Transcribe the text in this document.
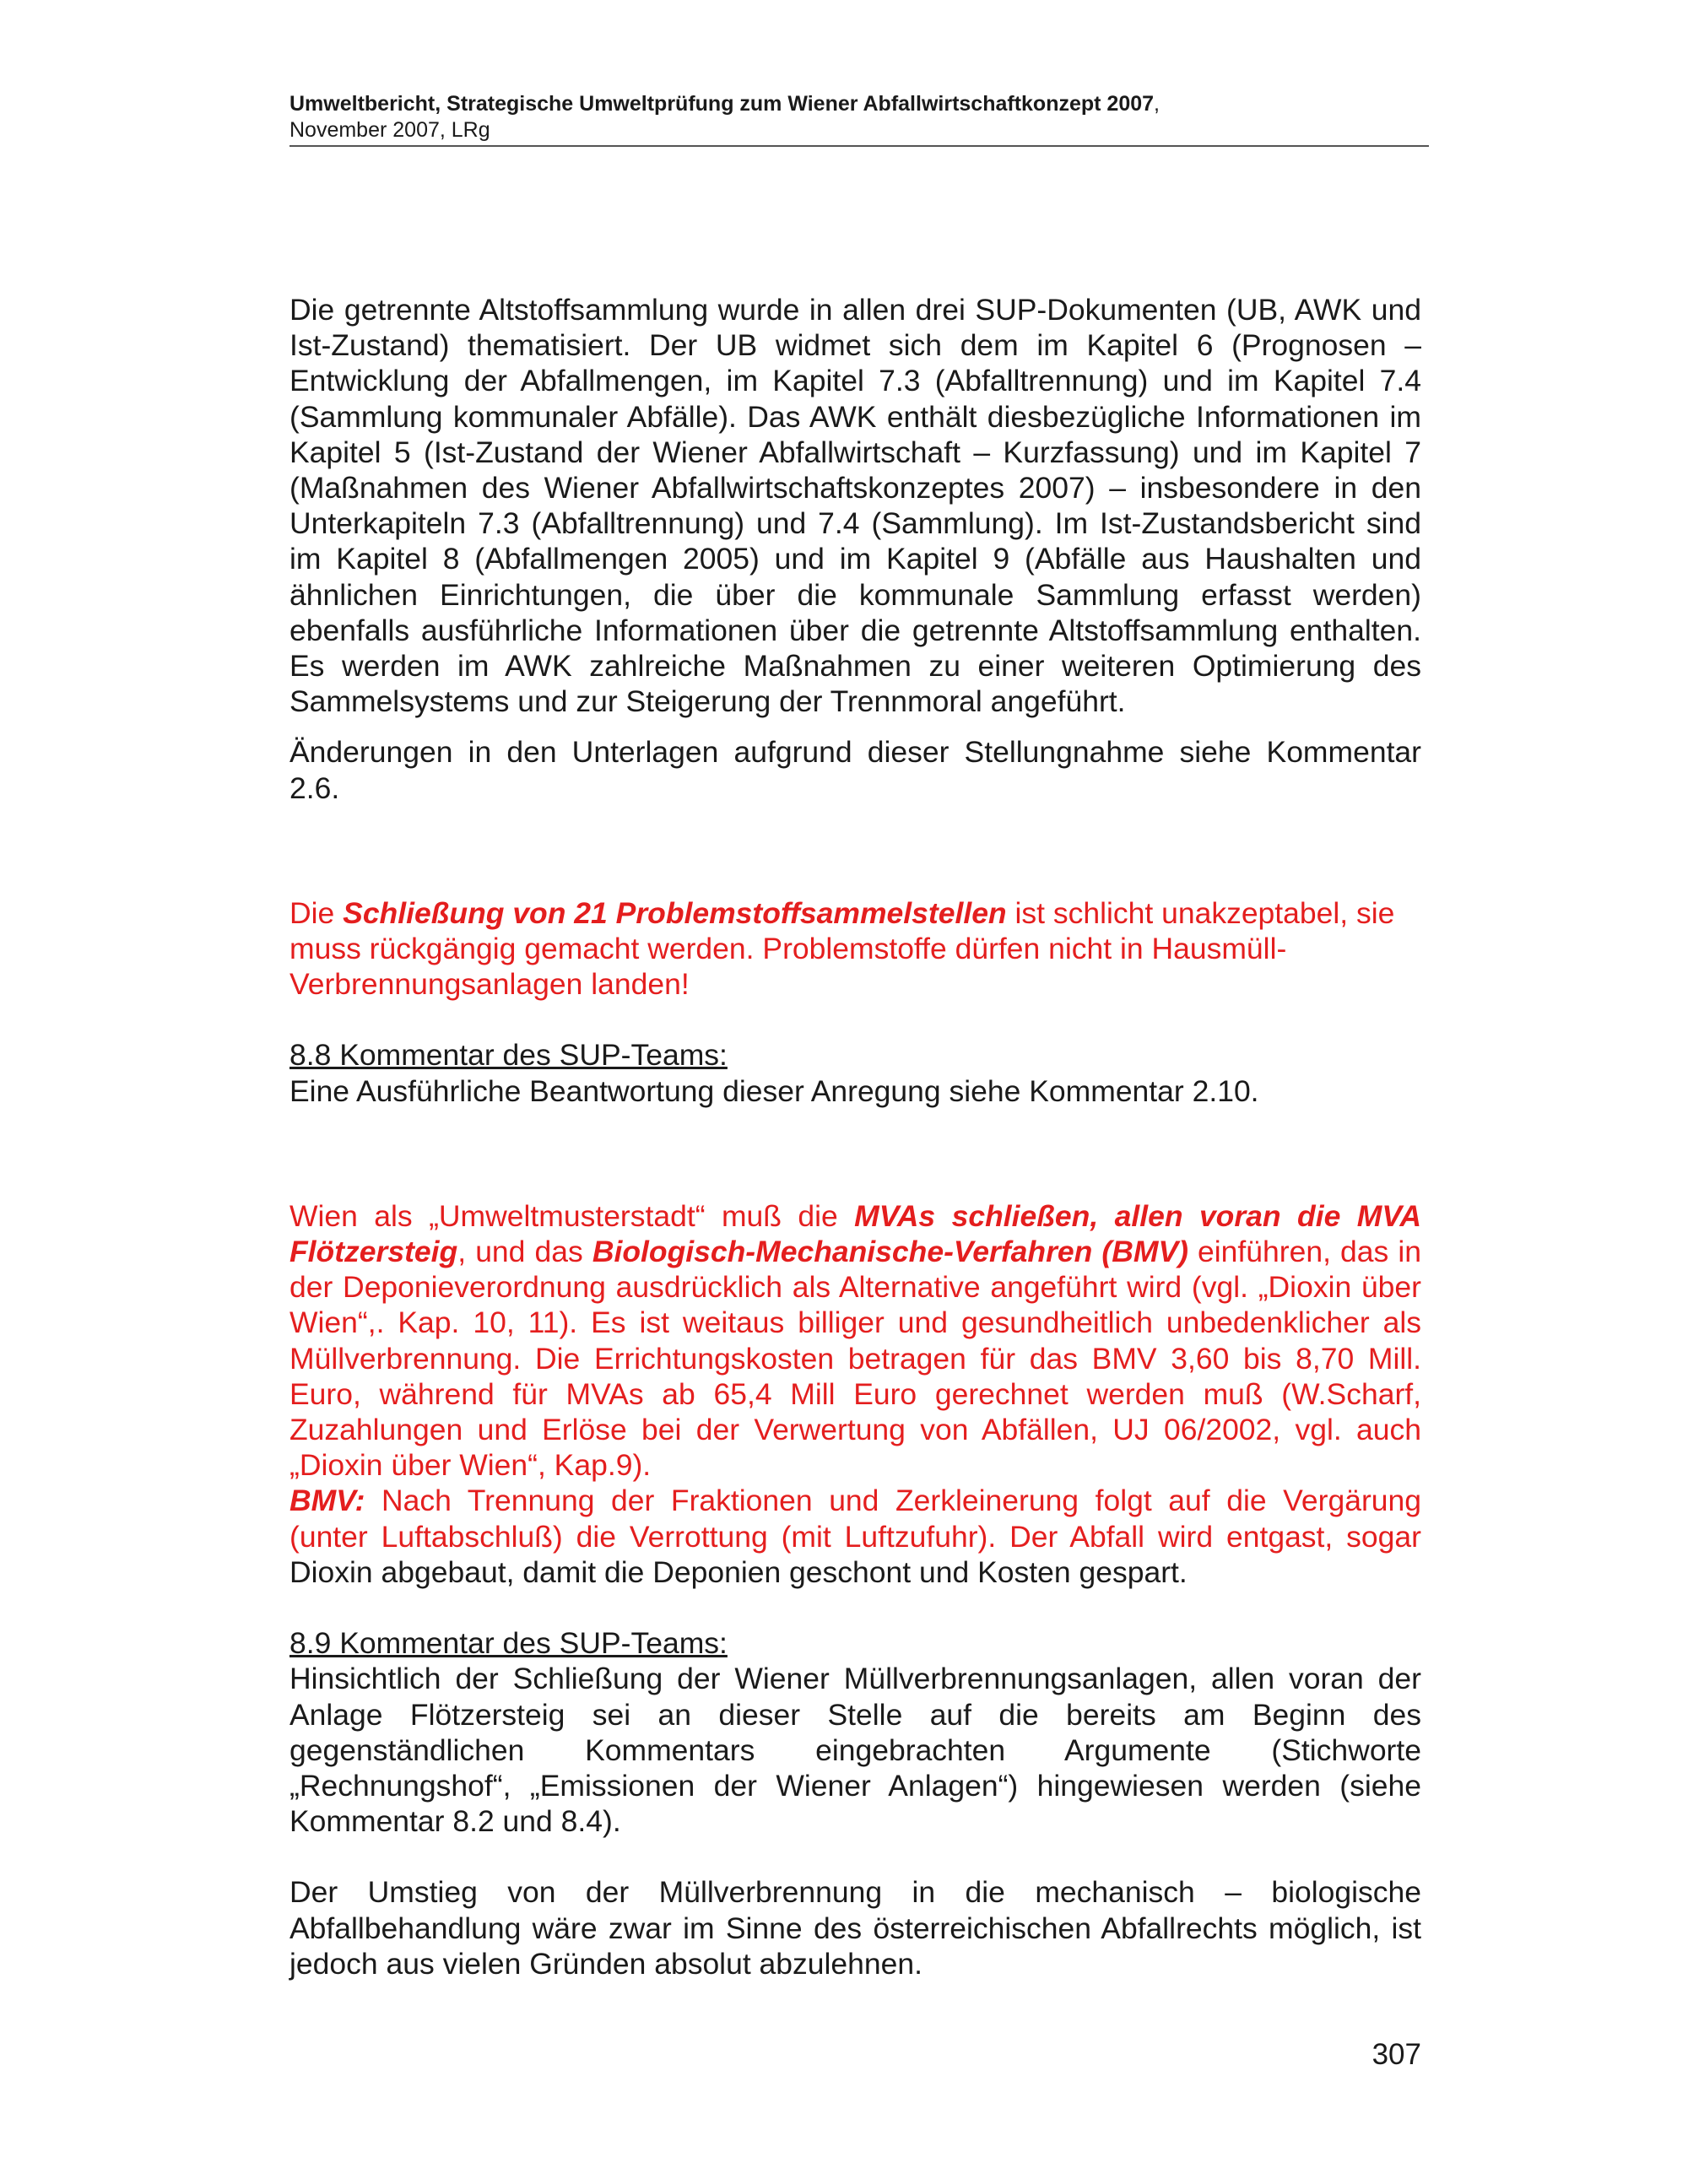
Umweltbericht, Strategische Umweltprüfung zum Wiener Abfallwirtschaftkonzept 2007,
November 2007, LRg

Die getrennte Altstoffsammlung wurde in allen drei SUP-Dokumenten (UB, AWK und Ist-Zustand) thematisiert. Der UB widmet sich dem im Kapitel 6 (Prognosen – Entwicklung der Abfallmengen, im Kapitel 7.3 (Abfalltrennung) und im Kapitel 7.4 (Sammlung kommunaler Abfälle). Das AWK enthält diesbezügliche Informationen im Kapitel 5 (Ist-Zustand der Wiener Abfallwirtschaft – Kurzfassung) und im Kapitel 7 (Maßnahmen des Wiener Abfallwirtschaftskonzeptes 2007) – insbesondere in den Unterkapiteln 7.3 (Abfalltrennung) und 7.4 (Sammlung). Im Ist-Zustandsbericht sind im Kapitel 8 (Abfallmengen 2005) und im Kapitel 9 (Abfälle aus Haushalten und ähnlichen Einrichtungen, die über die kommunale Sammlung erfasst werden) ebenfalls ausführliche Informationen über die getrennte Altstoffsammlung enthalten. Es werden im AWK zahlreiche Maßnahmen zu einer weiteren Optimierung des Sammelsystems und zur Steigerung der Trennmoral angeführt.

Änderungen in den Unterlagen aufgrund dieser Stellungnahme siehe Kommentar 2.6.

Die Schließung von 21 Problemstoffsammelstellen ist schlicht unakzeptabel, sie muss rückgängig gemacht werden. Problemstoffe dürfen nicht in Hausmüll-Verbrennungsanlagen landen!

8.8 Kommentar des SUP-Teams:
Eine Ausführliche Beantwortung dieser Anregung siehe Kommentar 2.10.

Wien als „Umweltmusterstadt“ muß die MVAs schließen, allen voran die MVA Flötzersteig, und das Biologisch-Mechanische-Verfahren (BMV) einführen, das in der Deponieverordnung ausdrücklich als Alternative angeführt wird (vgl. „Dioxin über Wien“,. Kap. 10, 11). Es ist weitaus billiger und gesundheitlich unbedenklicher als Müllverbrennung. Die Errichtungskosten betragen für das BMV 3,60 bis 8,70 Mill. Euro, während für MVAs ab 65,4 Mill Euro gerechnet werden muß (W.Scharf, Zuzahlungen und Erlöse bei der Verwertung von Abfällen, UJ 06/2002, vgl. auch „Dioxin über Wien“, Kap.9).
BMV: Nach Trennung der Fraktionen und Zerkleinerung folgt auf die Vergärung (unter Luftabschluß) die Verrottung (mit Luftzufuhr). Der Abfall wird entgast, sogar Dioxin abgebaut, damit die Deponien geschont und Kosten gespart.

8.9 Kommentar des SUP-Teams:
Hinsichtlich der Schließung der Wiener Müllverbrennungsanlagen, allen voran der Anlage Flötzersteig sei an dieser Stelle auf die bereits am Beginn des gegenständlichen Kommentars eingebrachten Argumente (Stichworte „Rechnungshof“, „Emissionen der Wiener Anlagen“) hingewiesen werden (siehe Kommentar 8.2 und 8.4).

Der Umstieg von der Müllverbrennung in die mechanisch – biologische Abfallbehandlung wäre zwar im Sinne des österreichischen Abfallrechts möglich, ist jedoch aus vielen Gründen absolut abzulehnen.

307
